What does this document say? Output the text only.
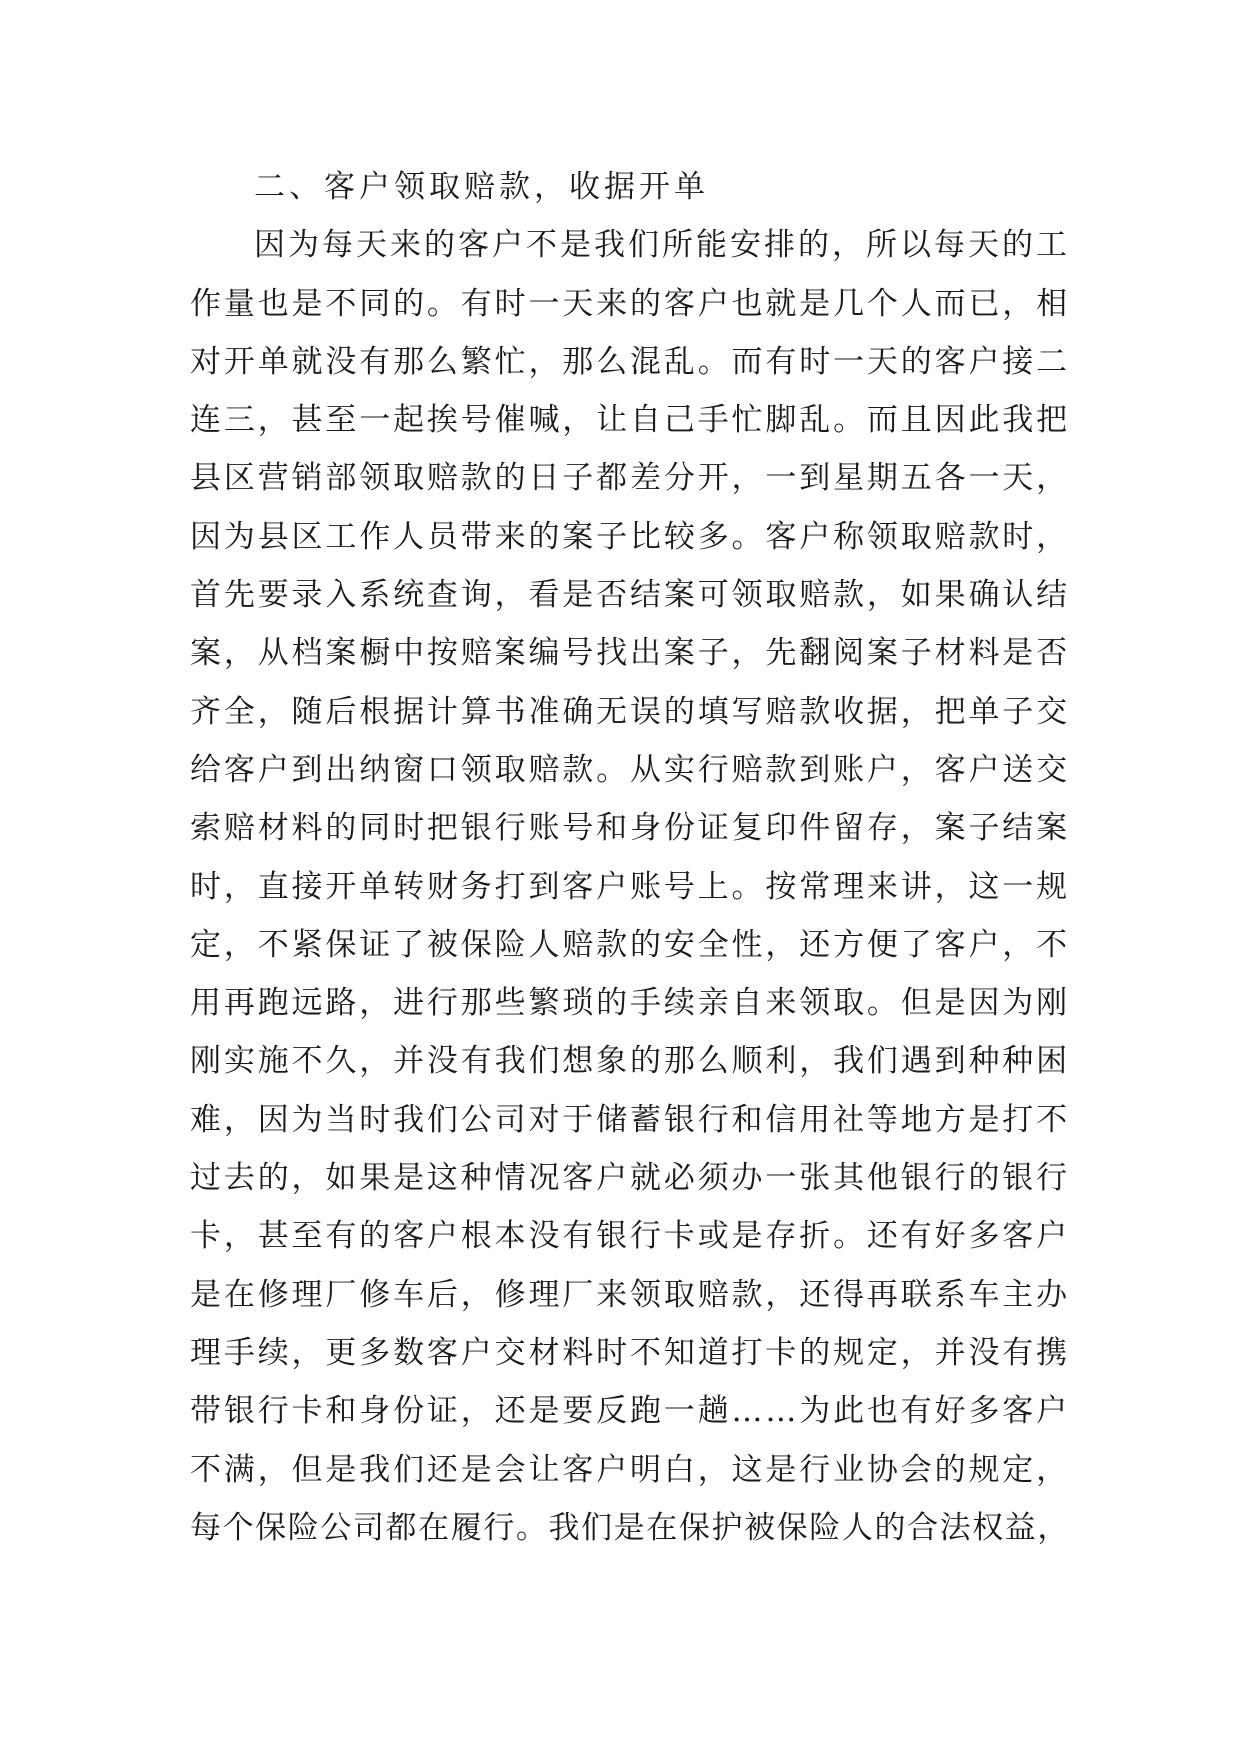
二、客户领取赔款，收据开单
因为每天来的客户不是我们所能安排的，所以每天的工
作量也是不同的。有时一天来的客户也就是几个人而已，相
对开单就没有那么繁忙，那么混乱。而有时一天的客户接二
连三，甚至一起挨号催喊，让自己手忙脚乱。而且因此我把
县区营销部领取赔款的日子都差分开，一到星期五各一天，
因为县区工作人员带来的案子比较多。客户称领取赔款时，
首先要录入系统查询，看是否结案可领取赔款，如果确认结
案，从档案橱中按赔案编号找出案子，先翻阅案子材料是否
齐全，随后根据计算书准确无误的填写赔款收据，把单子交
给客户到出纳窗口领取赔款。从实行赔款到账户，客户送交
索赔材料的同时把银行账号和身份证复印件留存，案子结案
时，直接开单转财务打到客户账号上。按常理来讲，这一规
定，不紧保证了被保险人赔款的安全性，还方便了客户，不
用再跑远路，进行那些繁琐的手续亲自来领取。但是因为刚
刚实施不久，并没有我们想象的那么顺利，我们遇到种种困
难，因为当时我们公司对于储蓄银行和信用社等地方是打不
过去的，如果是这种情况客户就必须办一张其他银行的银行
卡，甚至有的客户根本没有银行卡或是存折。还有好多客户
是在修理厂修车后，修理厂来领取赔款，还得再联系车主办
理手续，更多数客户交材料时不知道打卡的规定，并没有携
带银行卡和身份证，还是要反跑一趟……为此也有好多客户
不满，但是我们还是会让客户明白，这是行业协会的规定，
每个保险公司都在履行。我们是在保护被保险人的合法权益，
